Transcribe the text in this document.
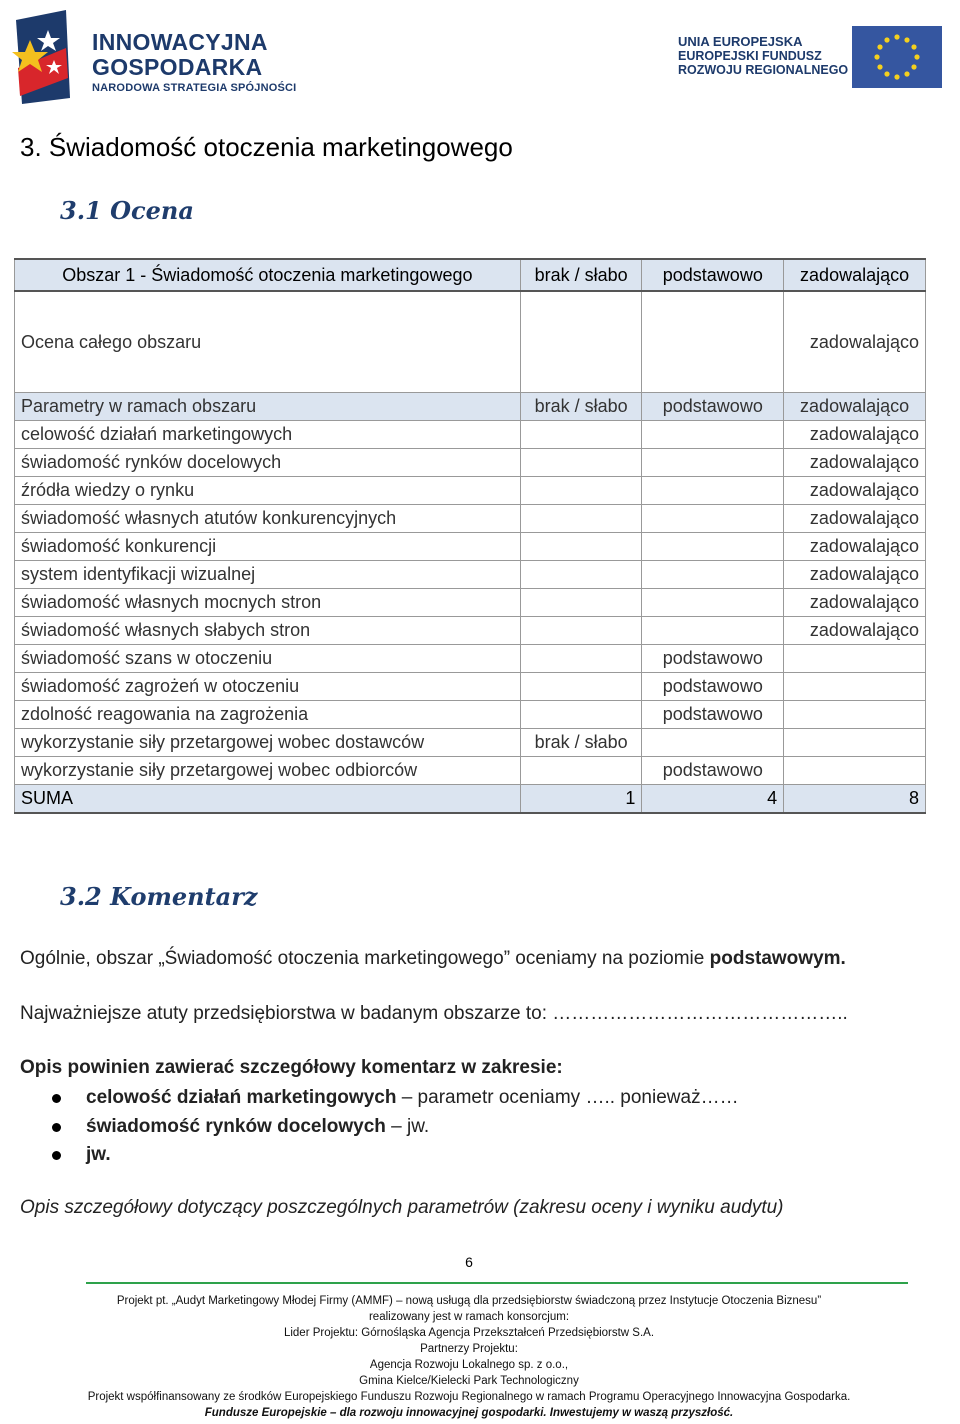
INNOWACYJNA
GOSPODARKA
NARODOWA STRATEGIA SPÓJNOŚCI
UNIA EUROPEJSKA
EUROPEJSKI FUNDUSZ
ROZWOJU REGIONALNEGO
3. Świadomość otoczenia marketingowego
3.1 Ocena
Obszar 1 - Świadomość otoczenia marketingowego	brak / słabo	podstawowo	zadowalająco
Ocena całego obszaru			zadowalająco
Parametry w ramach obszaru	brak / słabo	podstawowo	zadowalająco
celowość działań marketingowych			zadowalająco
świadomość rynków docelowych			zadowalająco
źródła wiedzy o rynku			zadowalająco
świadomość własnych atutów konkurencyjnych			zadowalająco
świadomość konkurencji			zadowalająco
system identyfikacji wizualnej			zadowalająco
świadomość własnych mocnych stron			zadowalająco
świadomość własnych słabych stron			zadowalająco
świadomość szans w otoczeniu		podstawowo	
świadomość zagrożeń w otoczeniu		podstawowo	
zdolność reagowania na zagrożenia		podstawowo	
wykorzystanie siły przetargowej wobec dostawców	brak / słabo		
wykorzystanie siły przetargowej wobec odbiorców		podstawowo	
SUMA	1	4	8
3.2 Komentarz
Ogólnie, obszar „Świadomość otoczenia marketingowego” oceniamy na poziomie podstawowym.
Najważniejsze atuty przedsiębiorstwa w badanym obszarze to: ………………………………………..
Opis powinien zawierać szczegółowy komentarz w zakresie:
celowość działań marketingowych – parametr oceniamy ….. ponieważ……
świadomość rynków docelowych – jw.
jw.
Opis szczegółowy dotyczący poszczególnych parametrów (zakresu oceny i wyniku audytu)
6
Projekt pt. „Audyt Marketingowy Młodej Firmy (AMMF) – nową usługą dla przedsiębiorstw świadczoną przez Instytucje Otoczenia Biznesu”
realizowany jest w ramach konsorcjum:
Lider Projektu: Górnośląska Agencja Przekształceń Przedsiębiorstw S.A.
Partnerzy Projektu:
Agencja Rozwoju Lokalnego sp. z o.o.,
Gmina Kielce/Kielecki Park Technologiczny
Projekt współfinansowany ze środków Europejskiego Funduszu Rozwoju Regionalnego w ramach Programu Operacyjnego Innowacyjna Gospodarka.
Fundusze Europejskie – dla rozwoju innowacyjnej gospodarki. Inwestujemy w waszą przyszłość.
